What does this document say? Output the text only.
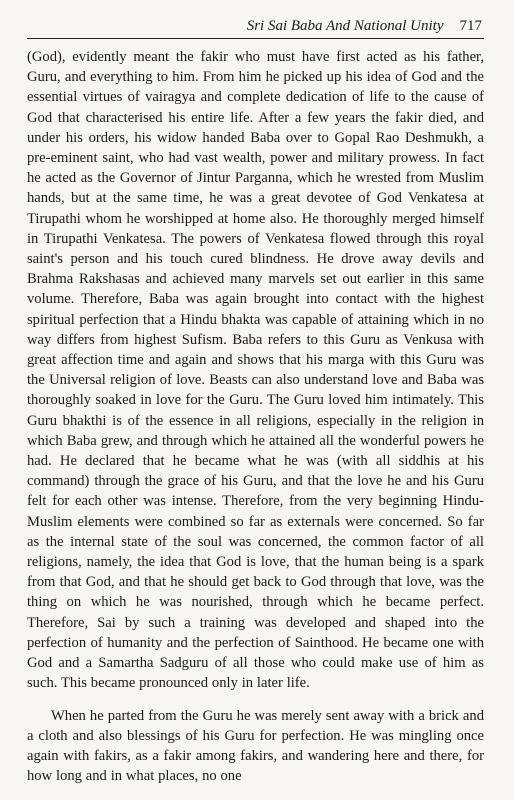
Sri Sai Baba And National Unity 717

(God), evidently meant the fakir who must have first acted as his father, Guru, and everything to him. From him he picked up his idea of God and the essential virtues of vairagya and complete dedication of life to the cause of God that characterised his entire life. After a few years the fakir died, and under his orders, his widow handed Baba over to Gopal Rao Deshmukh, a pre-eminent saint, who had vast wealth, power and military prowess. In fact he acted as the Governor of Jintur Parganna, which he wrested from Muslim hands, but at the same time, he was a great devotee of God Venkatesa at Tirupathi whom he worshipped at home also. He thoroughly merged himself in Tirupathi Venkatesa. The powers of Venkatesa flowed through this royal saint's person and his touch cured blindness. He drove away devils and Brahma Rakshasas and achieved many marvels set out earlier in this same volume. Therefore, Baba was again brought into contact with the highest spiritual perfection that a Hindu bhakta was capable of attaining which in no way differs from highest Sufism. Baba refers to this Guru as Venkusa with great affection time and again and shows that his marga with this Guru was the Universal religion of love. Beasts can also understand love and Baba was thoroughly soaked in love for the Guru. The Guru loved him intimately. This Guru bhakthi is of the essence in all religions, especially in the religion in which Baba grew, and through which he attained all the wonderful powers he had. He declared that he became what he was (with all siddhis at his command) through the grace of his Guru, and that the love he and his Guru felt for each other was intense. Therefore, from the very beginning Hindu-Muslim elements were combined so far as externals were concerned. So far as the internal state of the soul was concerned, the common factor of all religions, namely, the idea that God is love, that the human being is a spark from that God, and that he should get back to God through that love, was the thing on which he was nourished, through which he became perfect. Therefore, Sai by such a training was developed and shaped into the perfection of humanity and the perfection of Sainthood. He became one with God and a Samartha Sadguru of all those who could make use of him as such. This became pronounced only in later life.

When he parted from the Guru he was merely sent away with a brick and a cloth and also blessings of his Guru for perfection. He was mingling once again with fakirs, as a fakir among fakirs, and wandering here and there, for how long and in what places, no one
